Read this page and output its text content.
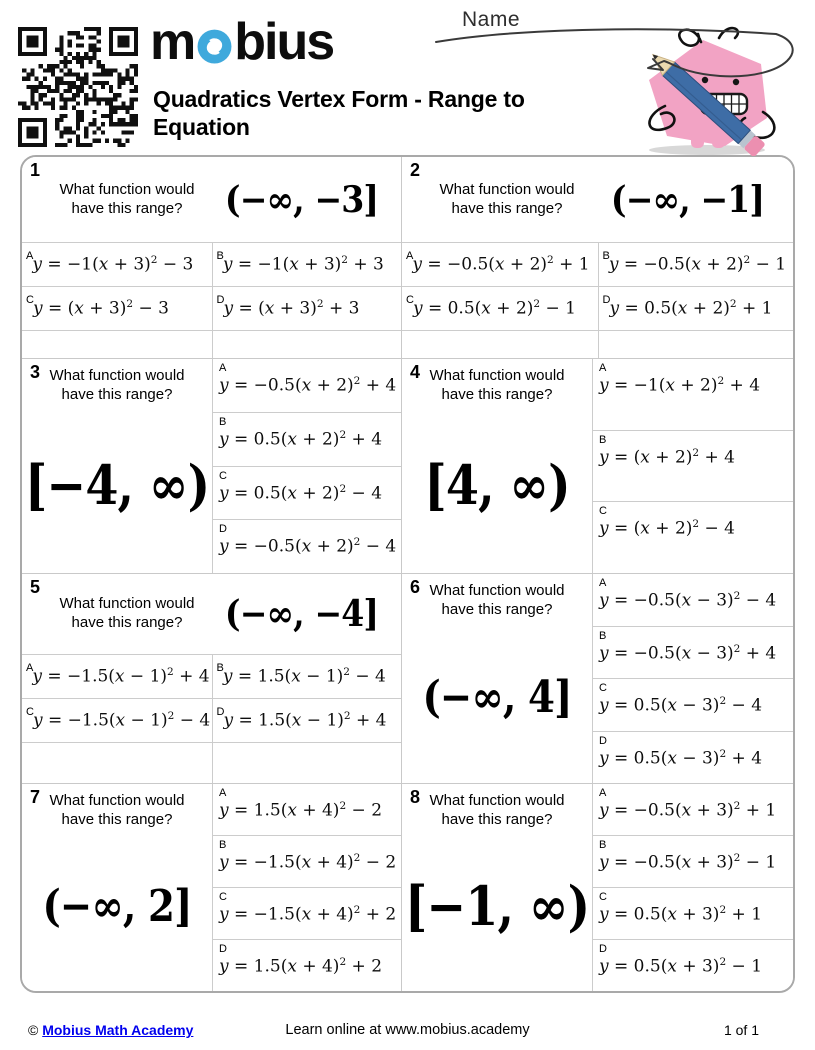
m bius
Quadratics Vertex Form - Range to Equation
Name
1
What function would have this range?	(−∞, −3]
A $y = -1(x + 3)^2 - 3$ B $y = -1(x + 3)^2 + 3$
C $y = (x + 3)^2 - 3$	D $y = (x + 3)^2 + 3$
2
What function would have this range?	(−∞, −1]
A $y = -0.5(x + 2)^2 + 1$ B $y = -0.5(x + 2)^2 - 1$
C $y = 0.5(x + 2)^2 - 1$ D $y = 0.5(x + 2)^2 + 1$
3 What function would have this range?
[−4, ∞)
A
$y = -0.5(x + 2)^2 + 4$
B
$y = 0.5(x + 2)^2 + 4$
C
$y = 0.5(x + 2)^2 - 4$
D
$y = -0.5(x + 2)^2 - 4$
4 What function would have this range?
[4, ∞)
A
$y = -1(x + 2)^2 + 4$
B
$y = (x + 2)^2 + 4$
C
$y = (x + 2)^2 - 4$
5
What function would have this range?	(−∞, −4]
A $y = -1.5(x - 1)^2 + 4$ B $y = 1.5(x - 1)^2 - 4$
C $y = -1.5(x - 1)^2 - 4$ D $y = 1.5(x - 1)^2 + 4$
6 What function would have this range?
(−∞, 4]
A
$y = -0.5(x - 3)^2 - 4$
B
$y = -0.5(x - 3)^2 + 4$
C
$y = 0.5(x - 3)^2 - 4$
D
$y = 0.5(x - 3)^2 + 4$
7 What function would have this range?
(−∞, 2]
A
$y = 1.5(x + 4)^2 - 2$
B
$y = -1.5(x + 4)^2 - 2$
C
$y = -1.5(x + 4)^2 + 2$
D
$y = 1.5(x + 4)^2 + 2$
8 What function would have this range?
[−1, ∞)
A
$y = -0.5(x + 3)^2 + 1$
B
$y = -0.5(x + 3)^2 - 1$
C
$y = 0.5(x + 3)^2 + 1$
D
$y = 0.5(x + 3)^2 - 1$
© Mobius Math Academy	Learn online at www.mobius.academy	1 of 1
